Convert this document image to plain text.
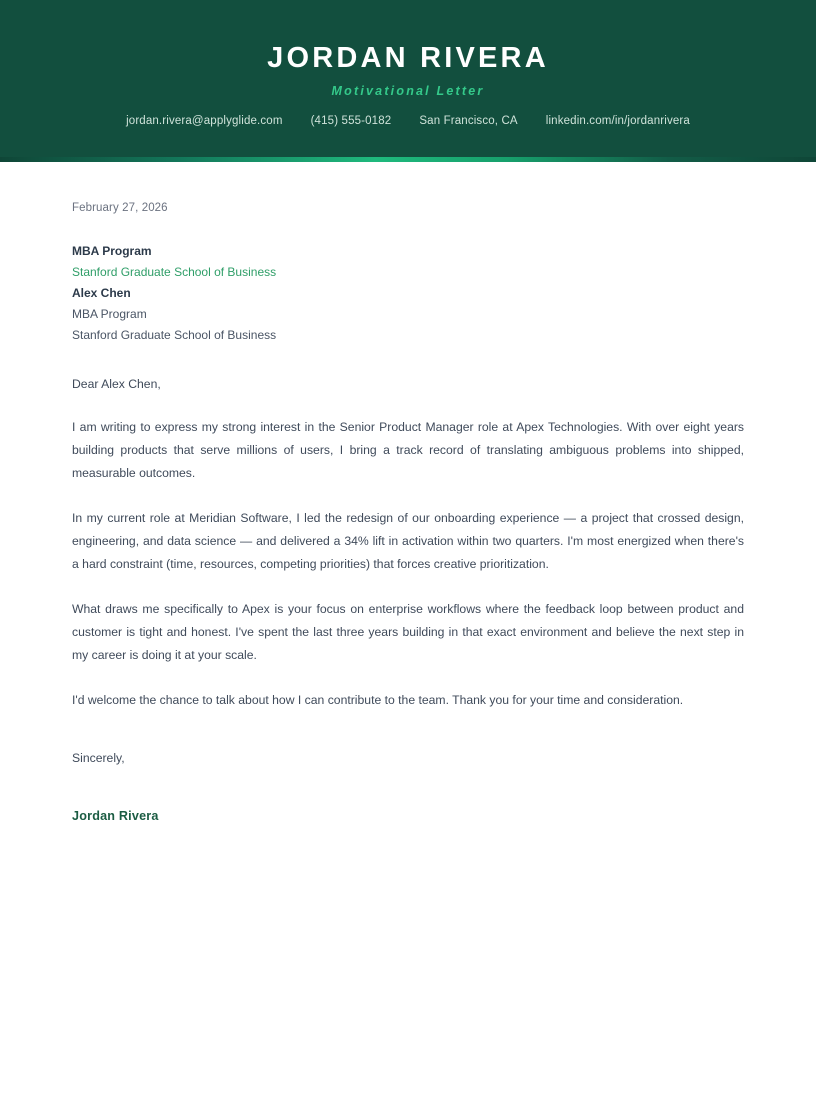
JORDAN RIVERA
Motivational Letter
jordan.rivera@applyglide.com	(415) 555-0182	San Francisco, CA	linkedin.com/in/jordanrivera
February 27, 2026
MBA Program
Stanford Graduate School of Business
Alex Chen
MBA Program
Stanford Graduate School of Business

Dear Alex Chen,

I am writing to express my strong interest in the Senior Product Manager role at Apex Technologies. With over eight years building products that serve millions of users, I bring a track record of translating ambiguous problems into shipped, measurable outcomes.

In my current role at Meridian Software, I led the redesign of our onboarding experience — a project that crossed design, engineering, and data science — and delivered a 34% lift in activation within two quarters. I'm most energized when there's a hard constraint (time, resources, competing priorities) that forces creative prioritization.

What draws me specifically to Apex is your focus on enterprise workflows where the feedback loop between product and customer is tight and honest. I've spent the last three years building in that exact environment and believe the next step in my career is doing it at your scale.

I'd welcome the chance to talk about how I can contribute to the team. Thank you for your time and consideration.

Sincerely,

Jordan Rivera
